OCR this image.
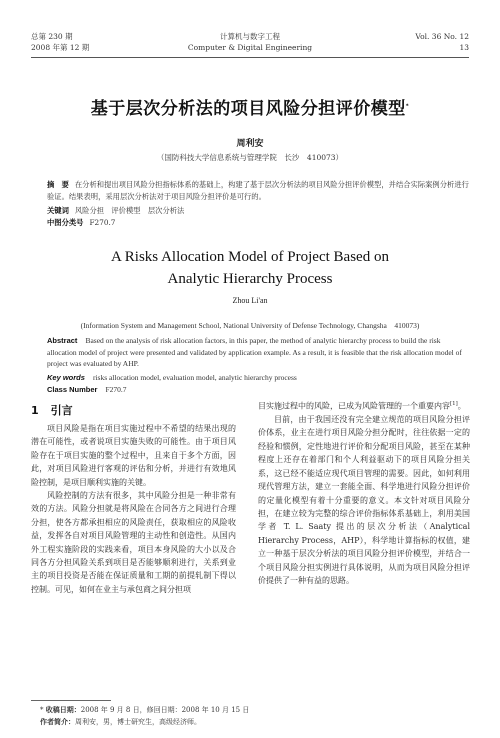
总第 230 期
2008 年第 12 期
计算机与数字工程
Computer & Digital Engineering
Vol. 36 No. 12
13
基于层次分析法的项目风险分担评价模型*
周利安
（国防科技大学信息系统与管理学院　长沙　410073）
摘　要 在分析和提出项目风险分担指标体系的基础上，构建了基于层次分析法的项目风险分担评价模型，并结合实际案例分析进行验证。结果表明，采用层次分析法对于项目风险分担评价是可行的。
关键词 风险分担　评价模型　层次分析法
中图分类号 F270.7
A Risks Allocation Model of Project Based on
Analytic Hierarchy Process
Zhou Li'an
(Information System and Management School, National University of Defense Technology, Changsha　410073)
Abstract Based on the analysis of risk allocation factors, in this paper, the method of analytic hierarchy process to build the risk allocation model of project were presented and validated by application example. As a result, it is feasible that the risk allocation model of project was evaluated by AHP.
Key words risks allocation model, evaluation model, analytic hierarchy process
Class Number F270.7
1 引言

项目风险是指在项目实施过程中不希望的结果出现的潜在可能性，或者说项目实施失败的可能性。由于项目风险存在于项目实施的整个过程中，且来自于多个方面，因此，对项目风险进行客观的评估和分析，并进行有效地风险控制，是项目顺利实施的关键。

风险控制的方法有很多，其中风险分担是一种非常有效的方法。风险分担就是将风险在合同各方之间进行合理分担，使各方都承担相应的风险责任，获取相应的风险收益，发挥各自对项目风险管理的主动性和创造性。从国内外工程实施阶段的实践来看，项目本身风险的大小以及合同各方分担风险关系到项目是否能够顺利进行，关系到业主的项目投资是否能在保证质量和工期的前提轧制下得以控制。可见，如何在业主与承包商之间分担项

目实施过程中的风险，已成为风险管理的一个重要内容[1]。

目前，由于我国还没有完全建立规范的项目风险分担评价体系，业主在进行项目风险分担分配时，往往依据一定的经验和惯例，定性地进行评价和分配项目风险，甚至在某种程度上还存在着部门和个人利益驱动下的项目风险分担关系，这已经不能适应现代项目管理的需要。因此，如何利用现代管理方法，建立一套能全面、科学地进行风险分担评价的定量化模型有着十分重要的意义。本文针对项目风险分担，在建立较为完整的综合评价指标体系基础上，利用美国学者 T. L. Saaty 提出的层次分析法（Analytical Hierarchy Process，AHP），科学地计算指标的权值，建立一种基于层次分析法的项目风险分担评价模型，并结合一个项目风险分担实例进行具体说明，从而为项目风险分担评价提供了一种有益的思路。

* 收稿日期：2008 年 9 月 8 日，修回日期：2008 年 10 月 15 日
作者简介：周利安，男，博士研究生，高级经济师。
